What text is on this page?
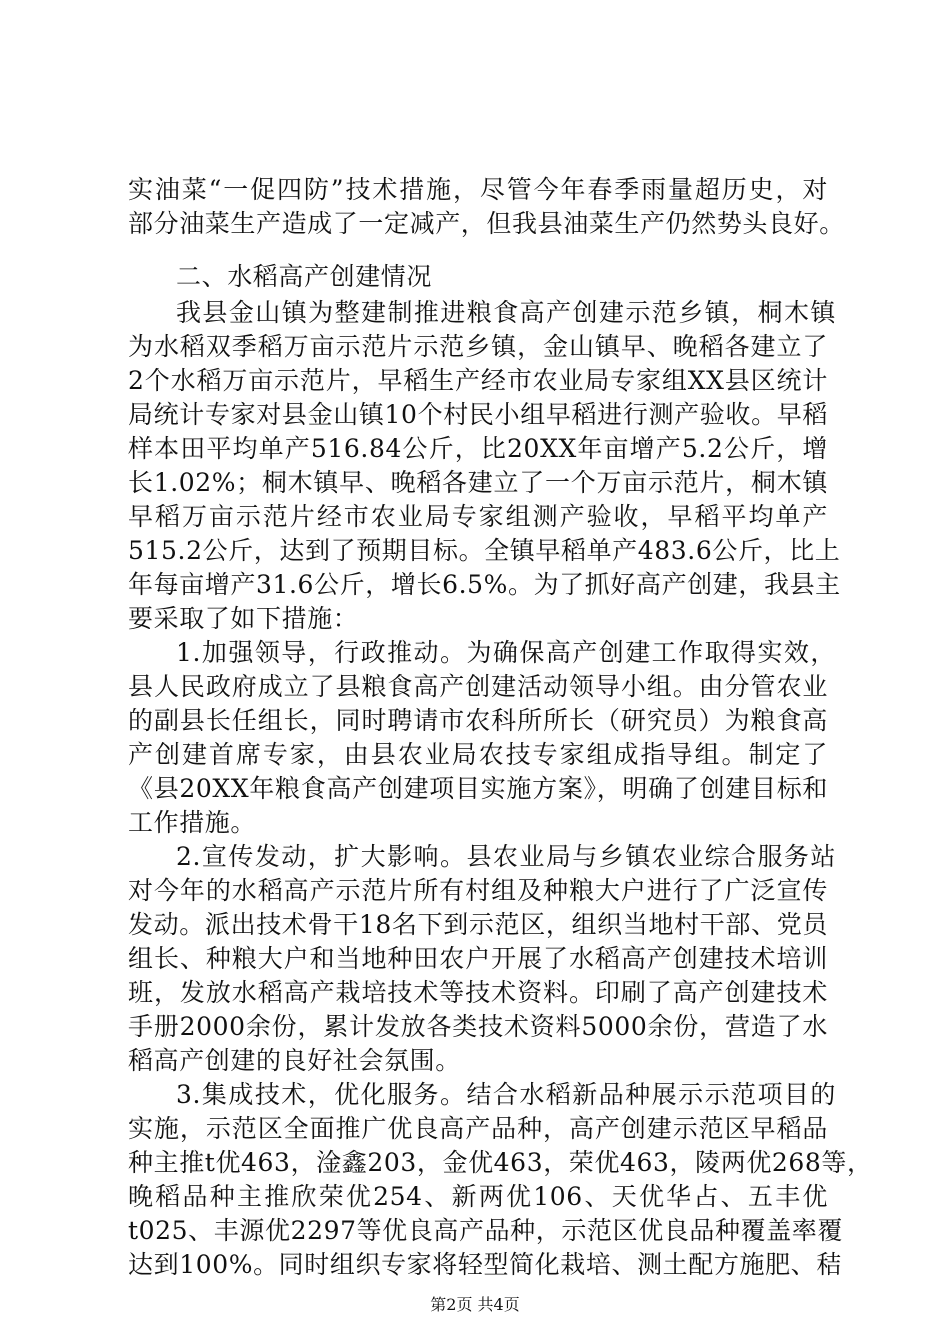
实油菜“一促四防”技术措施，尽管今年春季雨量超历史，对
部分油菜生产造成了一定减产，但我县油菜生产仍然势头良好。
二、水稻高产创建情况
我县金山镇为整建制推进粮食高产创建示范乡镇，桐木镇
为水稻双季稻万亩示范片示范乡镇，金山镇早、晚稻各建立了
2个水稻万亩示范片，早稻生产经市农业局专家组XX县区统计
局统计专家对县金山镇10个村民小组早稻进行测产验收。早稻
样本田平均单产516.84公斤，比20XX年亩增产5.2公斤，增
长1.02%；桐木镇早、晚稻各建立了一个万亩示范片，桐木镇
早稻万亩示范片经市农业局专家组测产验收，早稻平均单产
515.2公斤，达到了预期目标。全镇早稻单产483.6公斤，比上
年每亩增产31.6公斤，增长6.5%。为了抓好高产创建，我县主
要采取了如下措施：
1.加强领导，行政推动。为确保高产创建工作取得实效，
县人民政府成立了县粮食高产创建活动领导小组。由分管农业
的副县长任组长，同时聘请市农科所所长（研究员）为粮食高
产创建首席专家，由县农业局农技专家组成指导组。制定了
《县20XX年粮食高产创建项目实施方案》，明确了创建目标和
工作措施。
2.宣传发动，扩大影响。县农业局与乡镇农业综合服务站
对今年的水稻高产示范片所有村组及种粮大户进行了广泛宣传
发动。派出技术骨干18名下到示范区，组织当地村干部、党员
组长、种粮大户和当地种田农户开展了水稻高产创建技术培训
班，发放水稻高产栽培技术等技术资料。印刷了高产创建技术
手册2000余份，累计发放各类技术资料5000余份，营造了水
稻高产创建的良好社会氛围。
3.集成技术，优化服务。结合水稻新品种展示示范项目的
实施，示范区全面推广优良高产品种，高产创建示范区早稻品
种主推t优463，淦鑫203，金优463，荣优463，陵两优268等，
晚稻品种主推欣荣优254、新两优106、天优华占、五丰优
t025、丰源优2297等优良高产品种，示范区优良品种覆盖率覆
达到100%。同时组织专家将轻型简化栽培、测土配方施肥、秸
第2页 共4页
